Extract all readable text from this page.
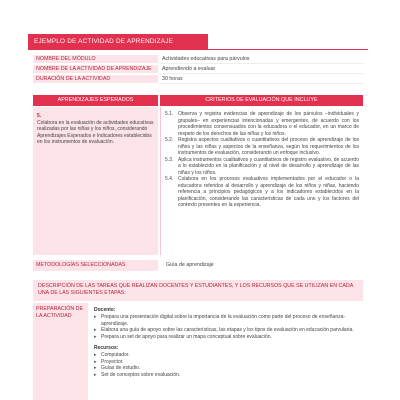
EJEMPLO DE ACTIVIDAD DE APRENDIZAJE
NOMBRE DEL MÓDULO	Actividades educativas para párvulos
NOMBRE DE LA ACTIVIDAD DE APRENDIZAJE	Aprendiendo a evaluar
DURACIÓN DE LA ACTIVIDAD	30 horas
APRENDIZAJES ESPERADOS	CRITERIOS DE EVALUACIÓN QUE INCLUYE
5.
Colabora en la evaluación de actividades educativas realizadas por las niñas y los niños, considerando Aprendizajes Esperados e Indicadores establecidos en los instrumentos de evaluación.
5.1. Observa y registra evidencias de aprendizaje de los párvulos –individuales y grupales– en experiencias intencionadas y emergentes, de acuerdo con los procedimientos consensuados con la educadora o el educador, en un marco de respeto de los derechos de las niñas y los niños.
5.2. Registra aspectos cualitativos o cuantitativos del proceso de aprendizaje de los niños y las niñas y aspectos de la enseñanza, según los requerimientos de los instrumentos de evaluación, considerando un enfoque inclusivo.
5.3. Aplica instrumentos cualitativos y cuantitativos de registro evaluativo, de acuerdo a lo establecido en la planificación y al nivel de desarrollo y aprendizaje de las niñas y los niños.
5.4. Colabora en los procesos evaluativos implementados por el educador o la educadora referidos al desarrollo y aprendizaje de los niños y niñas, haciendo referencia a principios pedagógicos y a los indicadores establecidos en la planificación, considerando las características de cada uno y los factores del contexto presentes en la experiencia.
METODOLOGÍAS SELECCIONADAS	Guía de aprendizaje
DESCRIPCIÓN DE LAS TAREAS QUE REALIZAN DOCENTES Y ESTUDIANTES, Y LOS RECURSOS QUE SE UTILIZAN EN CADA UNA DE LAS SIGUIENTES ETAPAS:
PREPARACIÓN DE LA ACTIVIDAD
Docente:
▸ Prepara una presentación digital sobre la importancia de la evaluación como parte del proceso de enseñanza-aprendizaje.
▸ Elabora una guía de apoyo sobre las características, las etapas y los tipos de evaluación en educación parvularia.
▸ Prepara un set de apoyo para realizar un mapa conceptual sobre evaluación.
Recursos:
▸ Computador.
▸ Proyector.
▸ Guías de estudio.
▸ Set de conceptos sobre evaluación.
